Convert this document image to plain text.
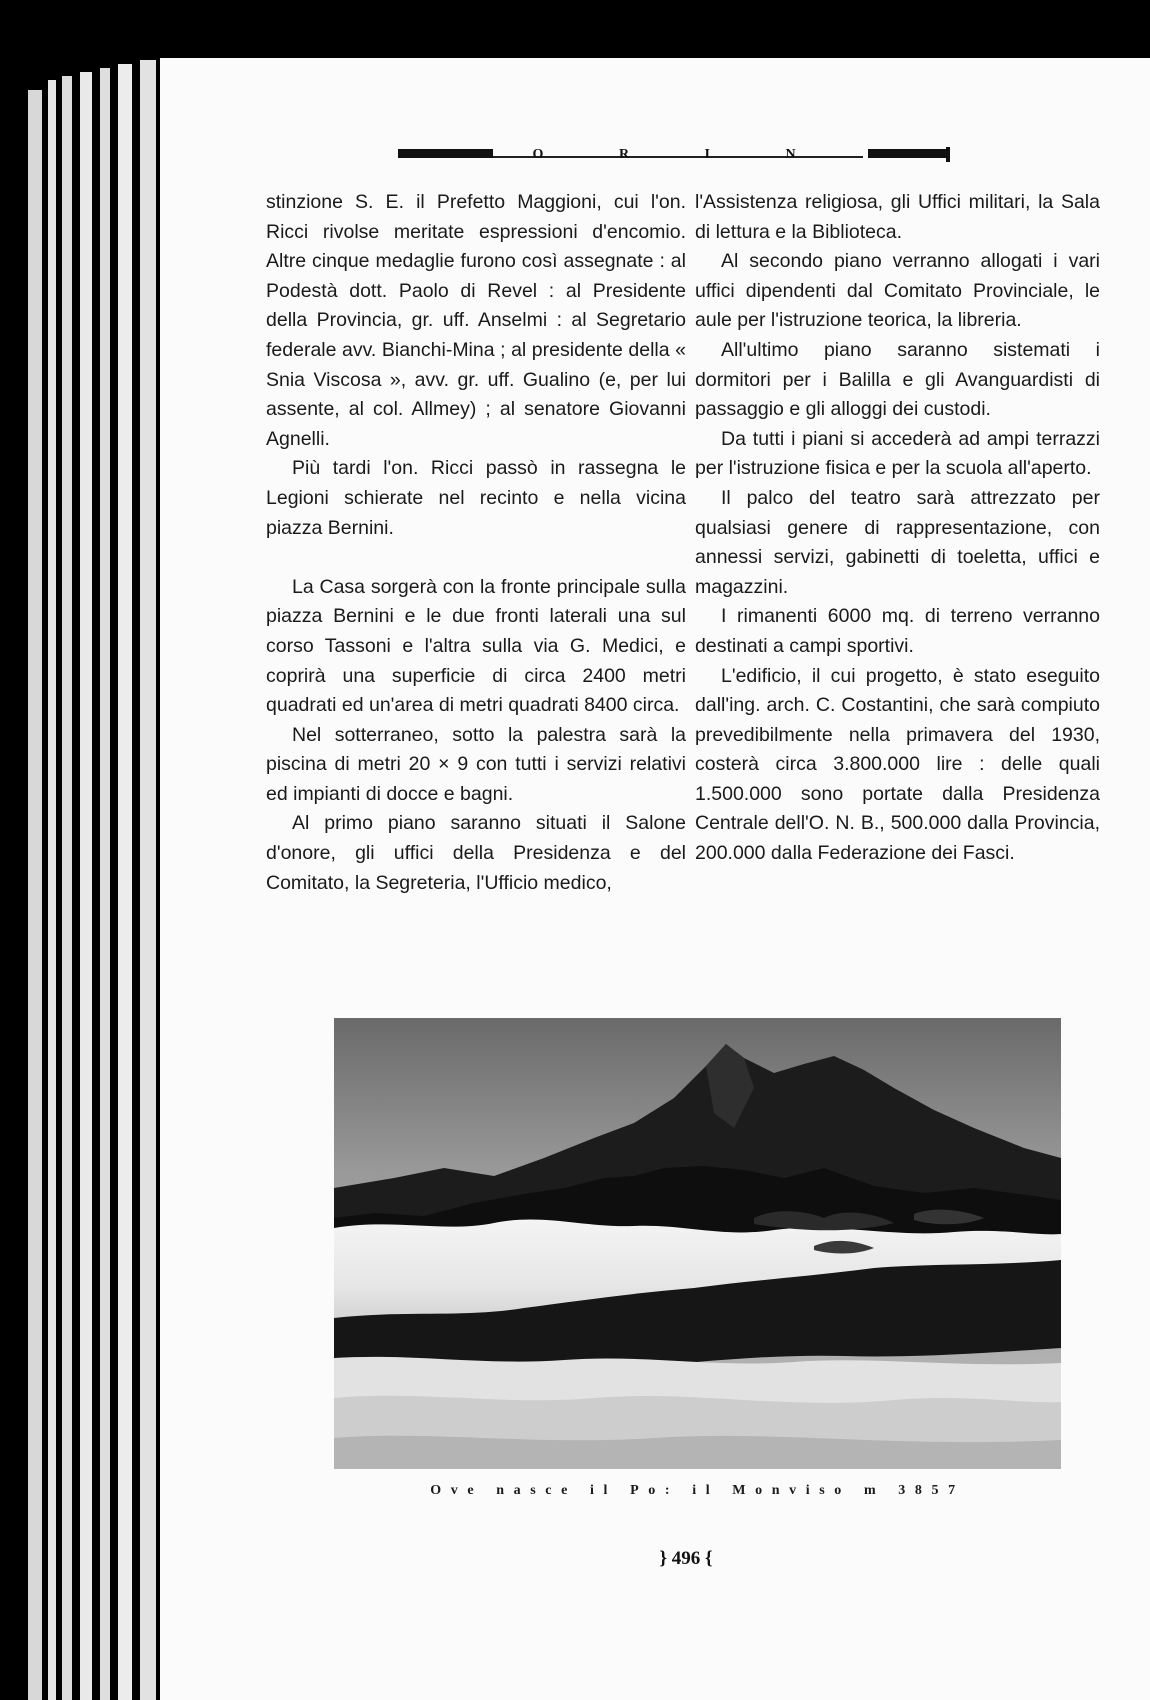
T O R I N O

stinzione S. E. il Prefetto Maggioni, cui l'on. Ricci rivolse meritate espressioni d'encomio. Altre cinque medaglie furono così assegnate : al Podestà dott. Paolo di Revel : al Presidente della Provincia, gr. uff. Anselmi : al Segretario federale avv. Bianchi-Mina ; al presidente della « Snia Viscosa », avv. gr. uff. Gualino (e, per lui assente, al col. Allmey) ; al senatore Giovanni Agnelli.

Più tardi l'on. Ricci passò in rassegna le Legioni schierate nel recinto e nella vicina piazza Bernini.

La Casa sorgerà con la fronte principale sulla piazza Bernini e le due fronti laterali una sul corso Tassoni e l'altra sulla via G. Medici, e coprirà una superficie di circa 2400 metri quadrati ed un'area di metri quadrati 8400 circa.

Nel sotterraneo, sotto la palestra sarà la piscina di metri 20 × 9 con tutti i servizi relativi ed impianti di docce e bagni.

Al primo piano saranno situati il Salone d'onore, gli uffici della Presidenza e del Comitato, la Segreteria, l'Ufficio medico,

l'Assistenza religiosa, gli Uffici militari, la Sala di lettura e la Biblioteca.

Al secondo piano verranno allogati i vari uffici dipendenti dal Comitato Provinciale, le aule per l'istruzione teorica, la libreria.

All'ultimo piano saranno sistemati i dormitori per i Balilla e gli Avanguardisti di passaggio e gli alloggi dei custodi.

Da tutti i piani si accederà ad ampi terrazzi per l'istruzione fisica e per la scuola all'aperto.

Il palco del teatro sarà attrezzato per qualsiasi genere di rappresentazione, con annessi servizi, gabinetti di toeletta, uffici e magazzini.

I rimanenti 6000 mq. di terreno verranno destinati a campi sportivi.

L'edificio, il cui progetto, è stato eseguito dall'ing. arch. C. Costantini, che sarà compiuto prevedibilmente nella primavera del 1930, costerà circa 3.800.000 lire : delle quali 1.500.000 sono portate dalla Presidenza Centrale dell'O. N. B., 500.000 dalla Provincia, 200.000 dalla Federazione dei Fasci.

Ove nasce il Po: il Monviso m 3857
} 496 {
